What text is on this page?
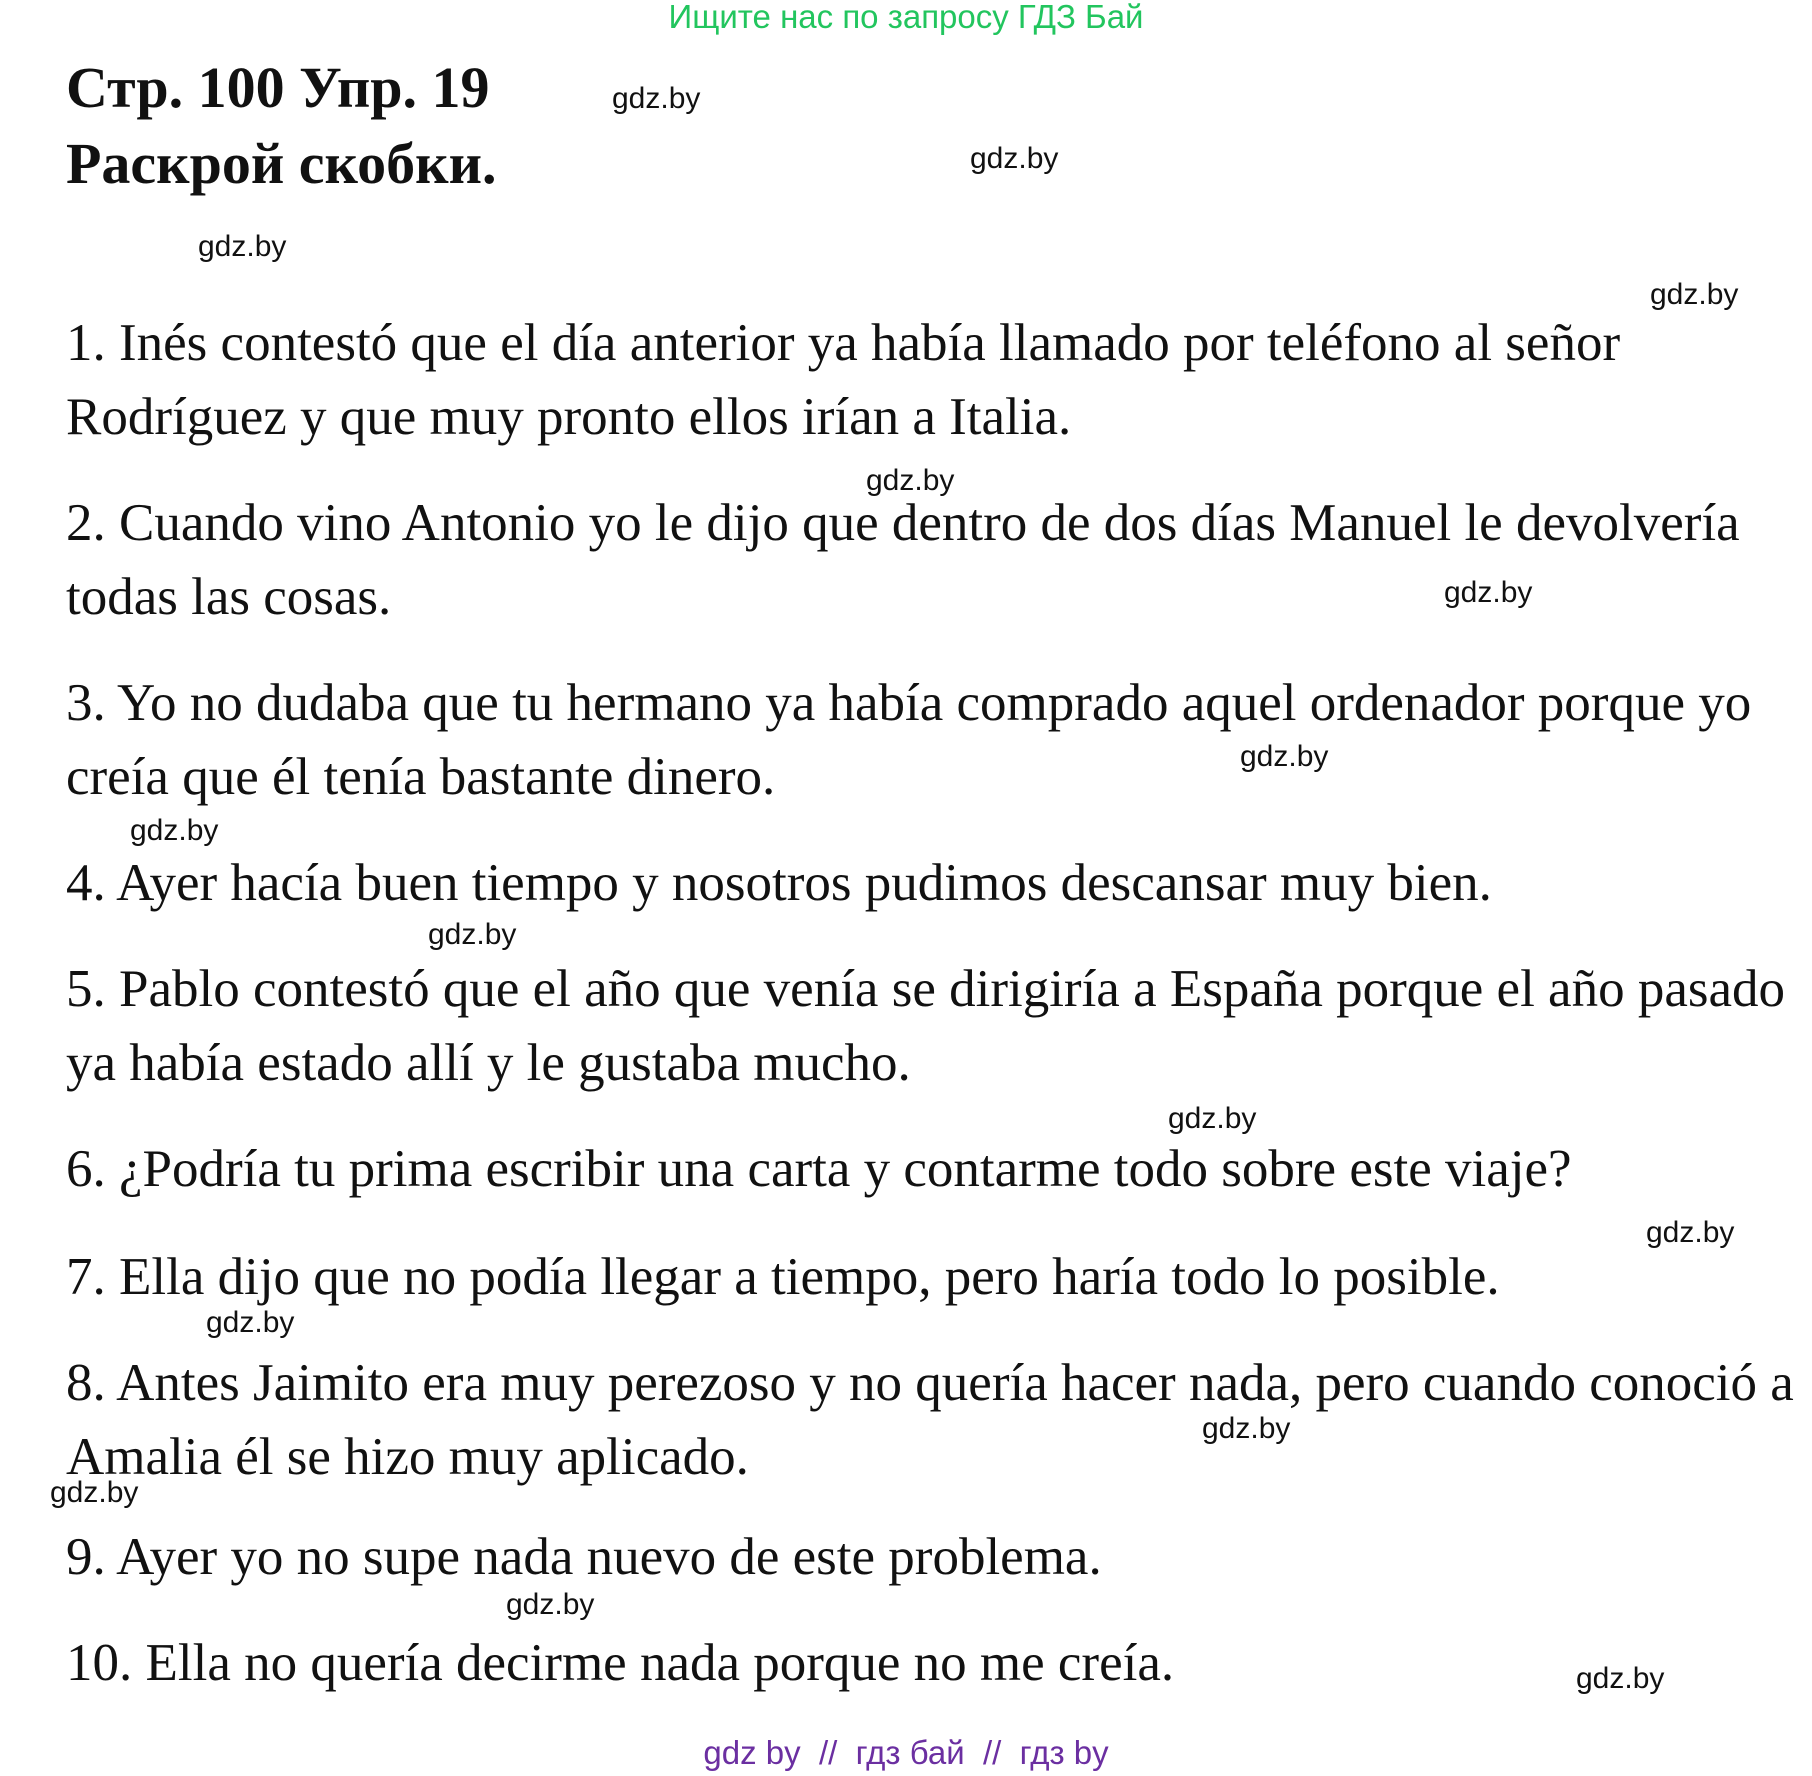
Ищите нас по запросу ГДЗ Бай
Стр. 100 Упр. 19
Раскрой скобки.
1. Inés contestó que el día anterior ya había llamado por teléfono al señor Rodríguez y que muy pronto ellos irían a Italia.
2. Cuando vino Antonio yo le dijo que dentro de dos días Manuel le devolvería todas las cosas.
3. Yo no dudaba que tu hermano ya había comprado aquel ordenador porque yo creía que él tenía bastante dinero.
4. Ayer hacía buen tiempo y nosotros pudimos descansar muy bien.
5. Pablo contestó que el año que venía se dirigiría a España porque el año pasado ya había estado allí y le gustaba mucho.
6. ¿Podría tu prima escribir una carta y contarme todo sobre este viaje?
7. Ella dijo que no podía llegar a tiempo, pero haría todo lo posible.
8. Antes Jaimito era muy perezoso y no quería hacer nada, pero cuando conoció a Amalia él se hizo muy aplicado.
9. Ayer yo no supe nada nuevo de este problema.
10. Ella no quería decirme nada porque no me creía.
gdz.by
gdz.by
gdz.by
gdz.by
gdz.by
gdz.by
gdz.by
gdz.by
gdz.by
gdz.by
gdz.by
gdz.by
gdz.by
gdz.by
gdz.by
gdz.by
gdz by  //  гдз бай  //  гдз by
